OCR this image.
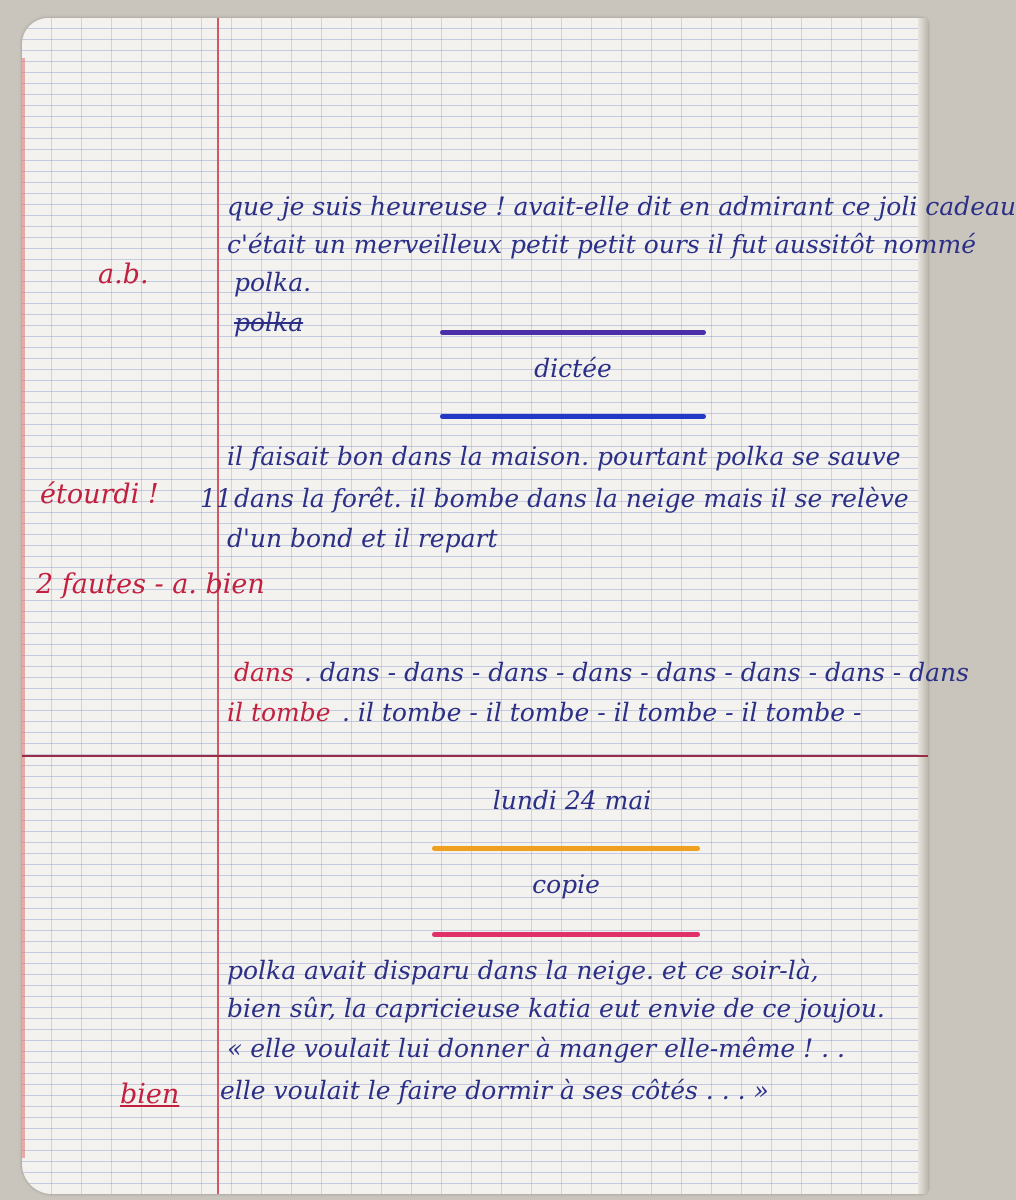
a.b.
étourdi ! 11
2 fautes - a. bien
bien
que je suis heureuse ! avait-elle dit en admirant ce joli cadeau
c'était un merveilleux petit petit ours il fut aussitôt nommé
polka.
polka
dictée
il faisait bon dans la maison. pourtant polka se sauve
dans la forêt. il bombe dans la neige mais il se relève
d'un bond et il repart
dans . dans - dans - dans - dans - dans - dans - dans - dans
il tombe . il tombe - il tombe - il tombe - il tombe -
lundi 24 mai
copie
polka avait disparu dans la neige. et ce soir-là,
bien sûr, la capricieuse katia eut envie de ce joujou.
« elle voulait lui donner à manger elle-même ! . .
elle voulait le faire dormir à ses côtés . . . »
